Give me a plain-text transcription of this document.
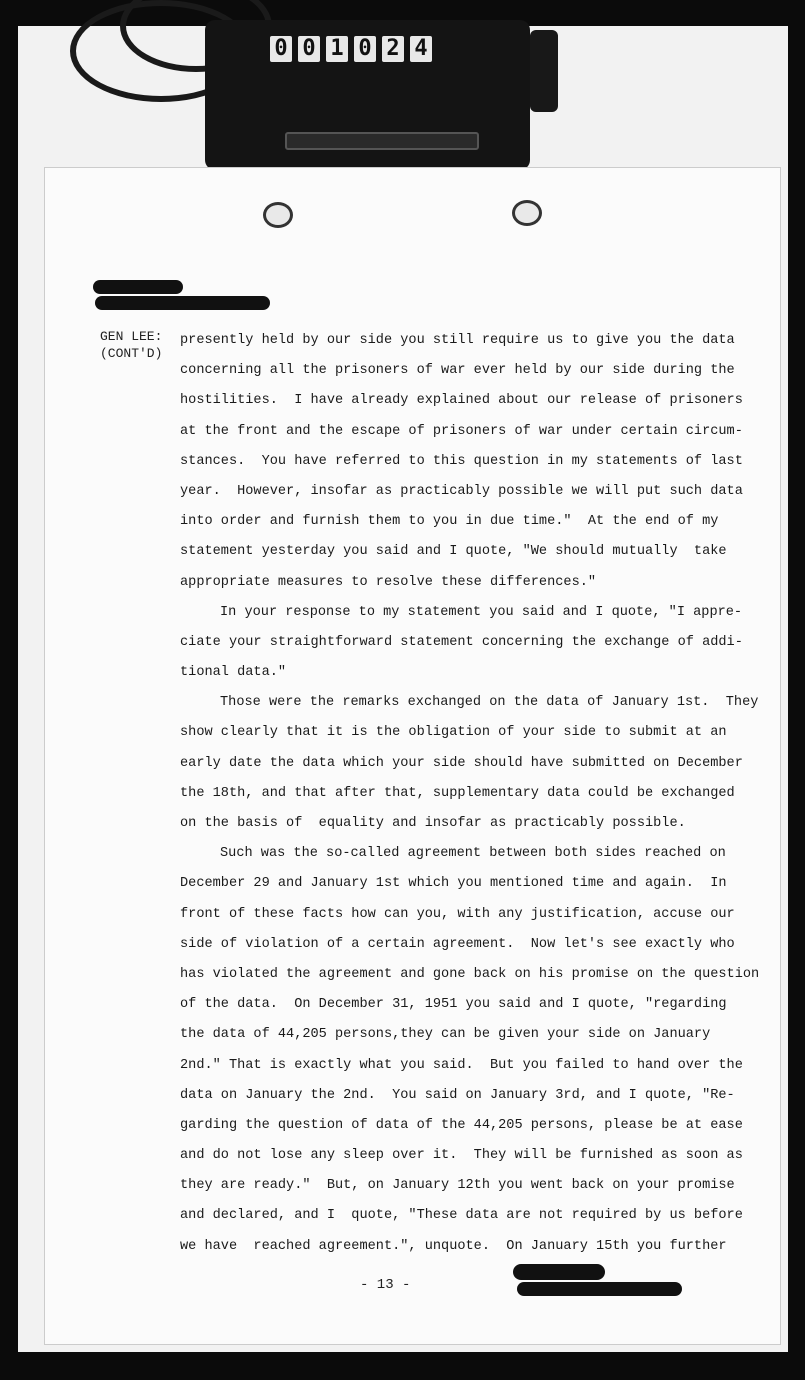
0 0 1 0 2 4
GEN LEE:
(CONT'D)
presently held by our side you still require us to give you the data
concerning all the prisoners of war ever held by our side during the
hostilities.  I have already explained about our release of prisoners
at the front and the escape of prisoners of war under certain circum-
stances.  You have referred to this question in my statements of last
year.  However, insofar as practicably possible we will put such data
into order and furnish them to you in due time."  At the end of my
statement yesterday you said and I quote, "We should mutually  take
appropriate measures to resolve these differences."
In your response to my statement you said and I quote, "I appre-
ciate your straightforward statement concerning the exchange of addi-
tional data."
Those were the remarks exchanged on the data of January 1st.  They
show clearly that it is the obligation of your side to submit at an
early date the data which your side should have submitted on December
the 18th, and that after that, supplementary data could be exchanged
on the basis of  equality and insofar as practicably possible.
Such was the so-called agreement between both sides reached on
December 29 and January 1st which you mentioned time and again.  In
front of these facts how can you, with any justification, accuse our
side of violation of a certain agreement.  Now let's see exactly who
has violated the agreement and gone back on his promise on the question
of the data.  On December 31, 1951 you said and I quote, "regarding
the data of 44,205 persons,they can be given your side on January
2nd." That is exactly what you said.  But you failed to hand over the
data on January the 2nd.  You said on January 3rd, and I quote, "Re-
garding the question of data of the 44,205 persons, please be at ease
and do not lose any sleep over it.  They will be furnished as soon as
they are ready."  But, on January 12th you went back on your promise
and declared, and I  quote, "These data are not required by us before
we have  reached agreement.", unquote.  On January 15th you further
- 13 -
